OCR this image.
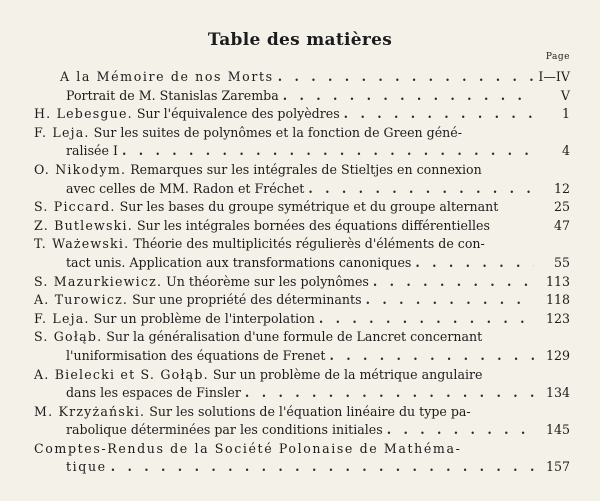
Table des matières
Page
A la Mémoire de nos Morts . . .	I—IV
Portrait de M. Stanislas Zaremba . . .	V
H. Lebesgue. Sur l'équivalence des polyèdres . . .	1
F. Leja. Sur les suites de polynômes et la fonction de Green géné-
ralisée I . . .	4
O. Nikodym. Remarques sur les intégrales de Stieltjes en connexion
avec celles de MM. Radon et Fréchet . . .	12
S. Piccard. Sur les bases du groupe symétrique et du groupe alternant	25
Z. Butlewski. Sur les intégrales bornées des équations différentielles	47
T. Ważewski. Théorie des multiplicités régulierès d'éléments de con-
tact unis. Application aux transformations canoniques . . .	55
S. Mazurkiewicz. Un théorème sur les polynômes . . .	113
A. Turowicz. Sur une propriété des déterminants . . .	118
F. Leja. Sur un problème de l'interpolation . . .	123
S. Gołąb. Sur la généralisation d'une formule de Lancret concernant
l'uniformisation des équations de Frenet . . .	129
A. Bielecki et S. Gołąb. Sur un problème de la métrique angulaire
dans les espaces de Finsler . . .	134
M. Krzyżański. Sur les solutions de l'équation linéaire du type pa-
rabolique déterminées par les conditions initiales . . .	145
Comptes-Rendus de la Société Polonaise de Mathéma-
tique . . .	157
